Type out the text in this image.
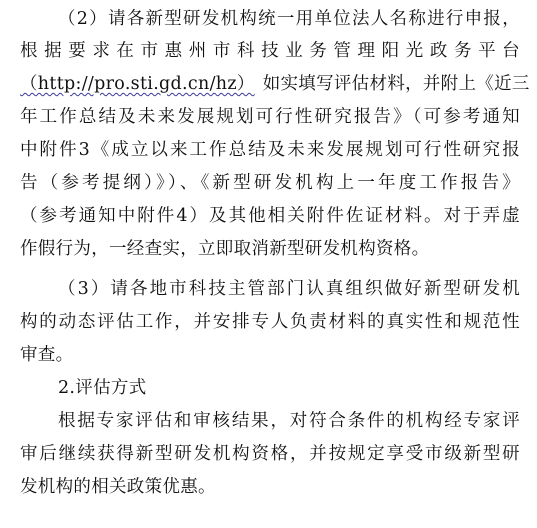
（2）请各新型研发机构统一用单位法人名称进行申报，
根据要求在市惠州市科技业务管理阳光政务平台
（http://pro.sti.gd.cn/hz） 如实填写评估材料，并附上《近三
年工作总结及未来发展规划可行性研究报告》（可参考通知
中附件3《成立以来工作总结及未来发展规划可行性研究报
告（参考提纲）》）、《新型研发机构上一年度工作报告》
（参考通知中附件4）及其他相关附件佐证材料。对于弄虚
作假行为，一经查实，立即取消新型研发机构资格。
（3）请各地市科技主管部门认真组织做好新型研发机
构的动态评估工作，并安排专人负责材料的真实性和规范性
审查。
2.评估方式
根据专家评估和审核结果，对符合条件的机构经专家评
审后继续获得新型研发机构资格，并按规定享受市级新型研
发机构的相关政策优惠。
